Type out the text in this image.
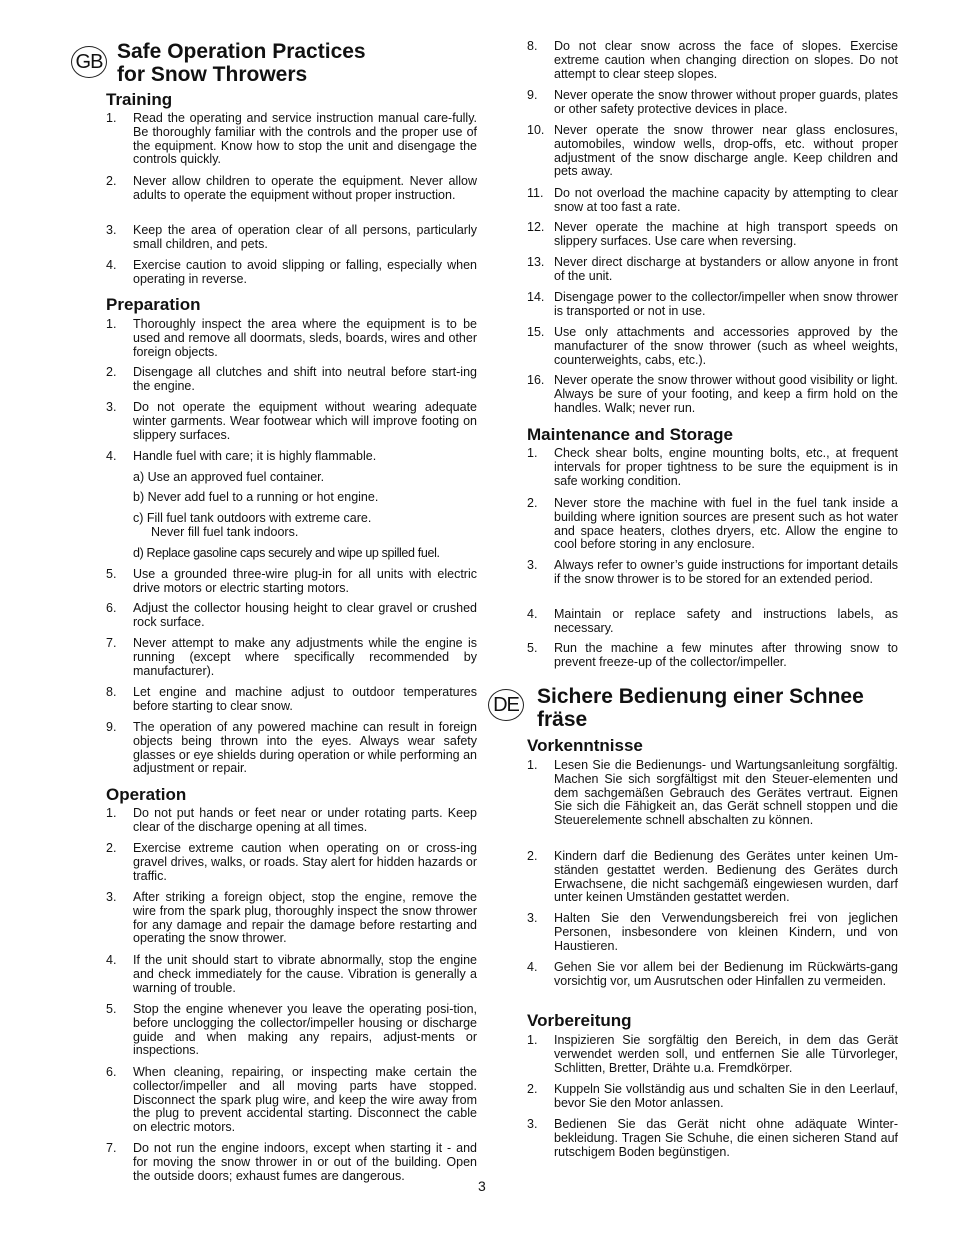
GB Safe Operation Practices
for Snow Throwers
Training
1. Read the operating and service instruction manual care-fully. Be thoroughly familiar with the controls and the proper use of the equipment. Know how to stop the unit and disengage the controls quickly.
2. Never allow children to operate the equipment. Never allow adults to operate the equipment without proper instruction.
3. Keep the area of operation clear of all persons, particularly small children, and pets.
4. Exercise caution to avoid slipping or falling, especially when operating in reverse.
Preparation
1. Thoroughly inspect the area where the equipment is to be used and remove all doormats, sleds, boards, wires and other foreign objects.
2. Disengage all clutches and shift into neutral before start-ing the engine.
3. Do not operate the equipment without wearing adequate winter garments. Wear footwear which will improve footing on slippery surfaces.
4. Handle fuel with care; it is highly flammable.
5. Use a grounded three-wire plug-in for all units with electric drive motors or electric starting motors.
6. Adjust the collector housing height to clear gravel or crushed rock surface.
7. Never attempt to make any adjustments while the engine is running (except where specifically recommended by manufacturer).
8. Let engine and machine adjust to outdoor temperatures before starting to clear snow.
9. The operation of any powered machine can result in foreign objects being thrown into the eyes. Always wear safety glasses or eye shields during operation or while performing an adjustment or repair.
a) Use an approved fuel container.
b) Never add fuel to a running or hot engine.
c) Fill fuel tank outdoors with extreme care.
Never fill fuel tank indoors.
d) Replace gasoline caps securely and wipe up spilled fuel.
Operation
1. Do not put hands or feet near or under rotating parts. Keep clear of the discharge opening at all times.
2. Exercise extreme caution when operating on or cross-ing gravel drives, walks, or roads. Stay alert for hidden hazards or traffic.
3. After striking a foreign object, stop the engine, remove the wire from the spark plug, thoroughly inspect the snow thrower for any damage and repair the damage before restarting and operating the snow thrower.
4. If the unit should start to vibrate abnormally, stop the engine and check immediately for the cause. Vibration is generally a warning of trouble.
5. Stop the engine whenever you leave the operating posi-tion, before unclogging the collector/impeller housing or discharge guide and when making any repairs, adjust-ments or inspections.
6. When cleaning, repairing, or inspecting make certain the collector/impeller and all moving parts have stopped. Disconnect the spark plug wire, and keep the wire away from the plug to prevent accidental starting. Disconnect the cable on electric motors.
7. Do not run the engine indoors, except when starting it - and for moving the snow thrower in or out of the building. Open the outside doors; exhaust fumes are dangerous.
8. Do not clear snow across the face of slopes. Exercise extreme caution when changing direction on slopes. Do not attempt to clear steep slopes.
9. Never operate the snow thrower without proper guards, plates or other safety protective devices in place.
10. Never operate the snow thrower near glass enclosures, automobiles, window wells, drop-offs, etc. without proper adjustment of the snow discharge angle. Keep children and pets away.
11. Do not overload the machine capacity by attempting to clear snow at too fast a rate.
12. Never operate the machine at high transport speeds on slippery surfaces. Use care when reversing.
13. Never direct discharge at bystanders or allow anyone in front of the unit.
14. Disengage power to the collector/impeller when snow thrower is transported or not in use.
15. Use only attachments and accessories approved by the manufacturer of the snow thrower (such as wheel weights, counterweights, cabs, etc.).
16. Never operate the snow thrower without good visibility or light. Always be sure of your footing, and keep a firm hold on the handles. Walk; never run.
Maintenance and Storage
1. Check shear bolts, engine mounting bolts, etc., at frequent intervals for proper tightness to be sure the equipment is in safe working condition.
2. Never store the machine with fuel in the fuel tank inside a building where ignition sources are present such as hot water and space heaters, clothes dryers, etc. Allow the engine to cool before storing in any enclosure.
3. Always refer to owner’s guide instructions for important details if the snow thrower is to be stored for an extended period.
4. Maintain or replace safety and instructions labels, as necessary.
5. Run the machine a few minutes after throwing snow to prevent freeze-up of the collector/impeller.
DE Sichere Bedienung einer Schnee
fräse
Vorkenntnisse
1. Lesen Sie die Bedienungs- und Wartungsanleitung sorgfältig. Machen Sie sich sorgfältigst mit den Steuer-elementen und dem sachgemäßen Gebrauch des Gerätes vertraut. Eignen Sie sich die Fähigkeit an, das Gerät schnell stoppen und die Steuerelemente schnell abschalten zu können.
2. Kindern darf die Bedienung des Gerätes unter keinen Um-ständen gestattet werden. Bedienung des Gerätes durch Erwachsene, die nicht sachgemäß eingewiesen wurden, darf unter keinen Umständen gestattet werden.
3. Halten Sie den Verwendungsbereich frei von jeglichen Personen, insbesondere von kleinen Kindern, und von Haustieren.
4. Gehen Sie vor allem bei der Bedienung im Rückwärts-gang vorsichtig vor, um Ausrutschen oder Hinfallen zu vermeiden.
Vorbereitung
1. Inspizieren Sie sorgfältig den Bereich, in dem das Gerät verwendet werden soll, und entfernen Sie alle Türvorleger, Schlitten, Bretter, Drähte u.a. Fremdkörper.
2. Kuppeln Sie vollständig aus und schalten Sie in den Leerlauf, bevor Sie den Motor anlassen.
3. Bedienen Sie das Gerät nicht ohne adäquate Winter-bekleidung. Tragen Sie Schuhe, die einen sicheren Stand auf rutschigem Boden begünstigen.
3
